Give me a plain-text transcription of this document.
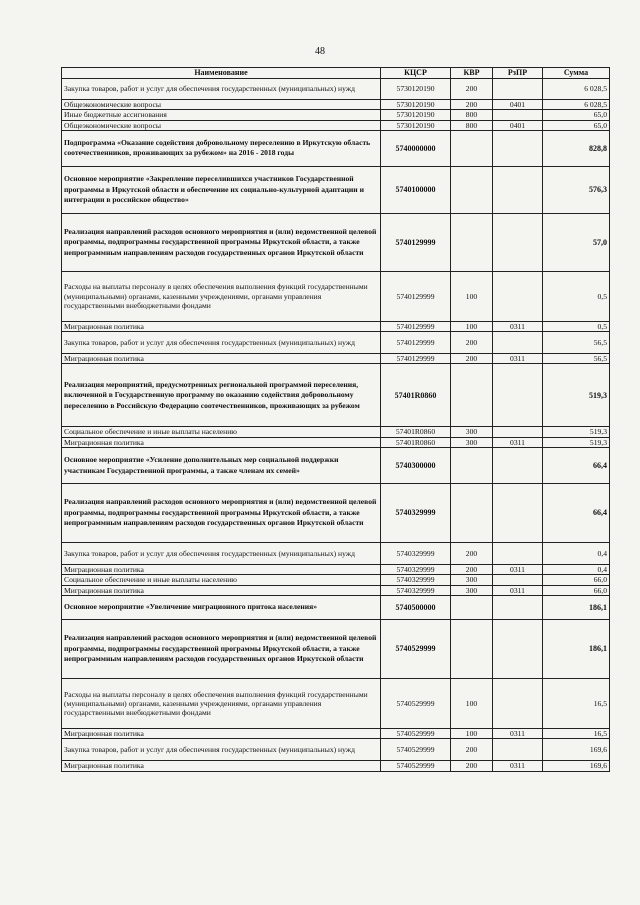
48
Наименование	КЦСР	КВР	РзПР	Сумма
Закупка товаров, работ и услуг для обеспечения государственных (муниципальных) нужд	5730120190	200		6 028,5
Общеэкономические вопросы	5730120190	200	0401	6 028,5
Иные бюджетные ассигнования	5730120190	800		65,0
Общеэкономические вопросы	5730120190	800	0401	65,0
Подпрограмма «Оказание содействия добровольному переселению в Иркутскую область соотечественников, проживающих за рубежом» на 2016 - 2018 годы	5740000000			828,8
Основное мероприятие «Закрепление переселившихся участников Государственной программы в Иркутской области и обеспечение их социально-культурной адаптации и интеграции в российское общество»	5740100000			576,3
Реализация направлений расходов основного мероприятия и (или) ведомственной целевой программы, подпрограммы государственной программы Иркутской области, а также непрограммным направлениям расходов государственных органов Иркутской области	5740129999			57,0
Расходы на выплаты персоналу в целях обеспечения выполнения функций государственными (муниципальными) органами, казенными учреждениями, органами управления государственными внебюджетными фондами	5740129999	100		0,5
Миграционная политика	5740129999	100	0311	0,5
Закупка товаров, работ и услуг для обеспечения государственных (муниципальных) нужд	5740129999	200		56,5
Миграционная политика	5740129999	200	0311	56,5
Реализация мероприятий, предусмотренных региональной программой переселения, включенной в Государственную программу по оказанию содействия добровольному переселению в Российскую Федерацию соотечественников, проживающих за рубежом	57401R0860			519,3
Социальное обеспечение и иные выплаты населению	57401R0860	300		519,3
Миграционная политика	57401R0860	300	0311	519,3
Основное мероприятие «Усиление дополнительных мер социальной поддержки участникам Государственной программы, а также членам их семей»	5740300000			66,4
Реализация направлений расходов основного мероприятия и (или) ведомственной целевой программы, подпрограммы государственной программы Иркутской области, а также непрограммным направлениям расходов государственных органов Иркутской области	5740329999			66,4
Закупка товаров, работ и услуг для обеспечения государственных (муниципальных) нужд	5740329999	200		0,4
Миграционная политика	5740329999	200	0311	0,4
Социальное обеспечение и иные выплаты населению	5740329999	300		66,0
Миграционная политика	5740329999	300	0311	66,0
Основное мероприятие «Увеличение миграционного притока населения»	5740500000			186,1
Реализация направлений расходов основного мероприятия и (или) ведомственной целевой программы, подпрограммы государственной программы Иркутской области, а также непрограммным направлениям расходов государственных органов Иркутской области	5740529999			186,1
Расходы на выплаты персоналу в целях обеспечения выполнения функций государственными (муниципальными) органами, казенными учреждениями, органами управления государственными внебюджетными фондами	5740529999	100		16,5
Миграционная политика	5740529999	100	0311	16,5
Закупка товаров, работ и услуг для обеспечения государственных (муниципальных) нужд	5740529999	200		169,6
Миграционная политика	5740529999	200	0311	169,6
